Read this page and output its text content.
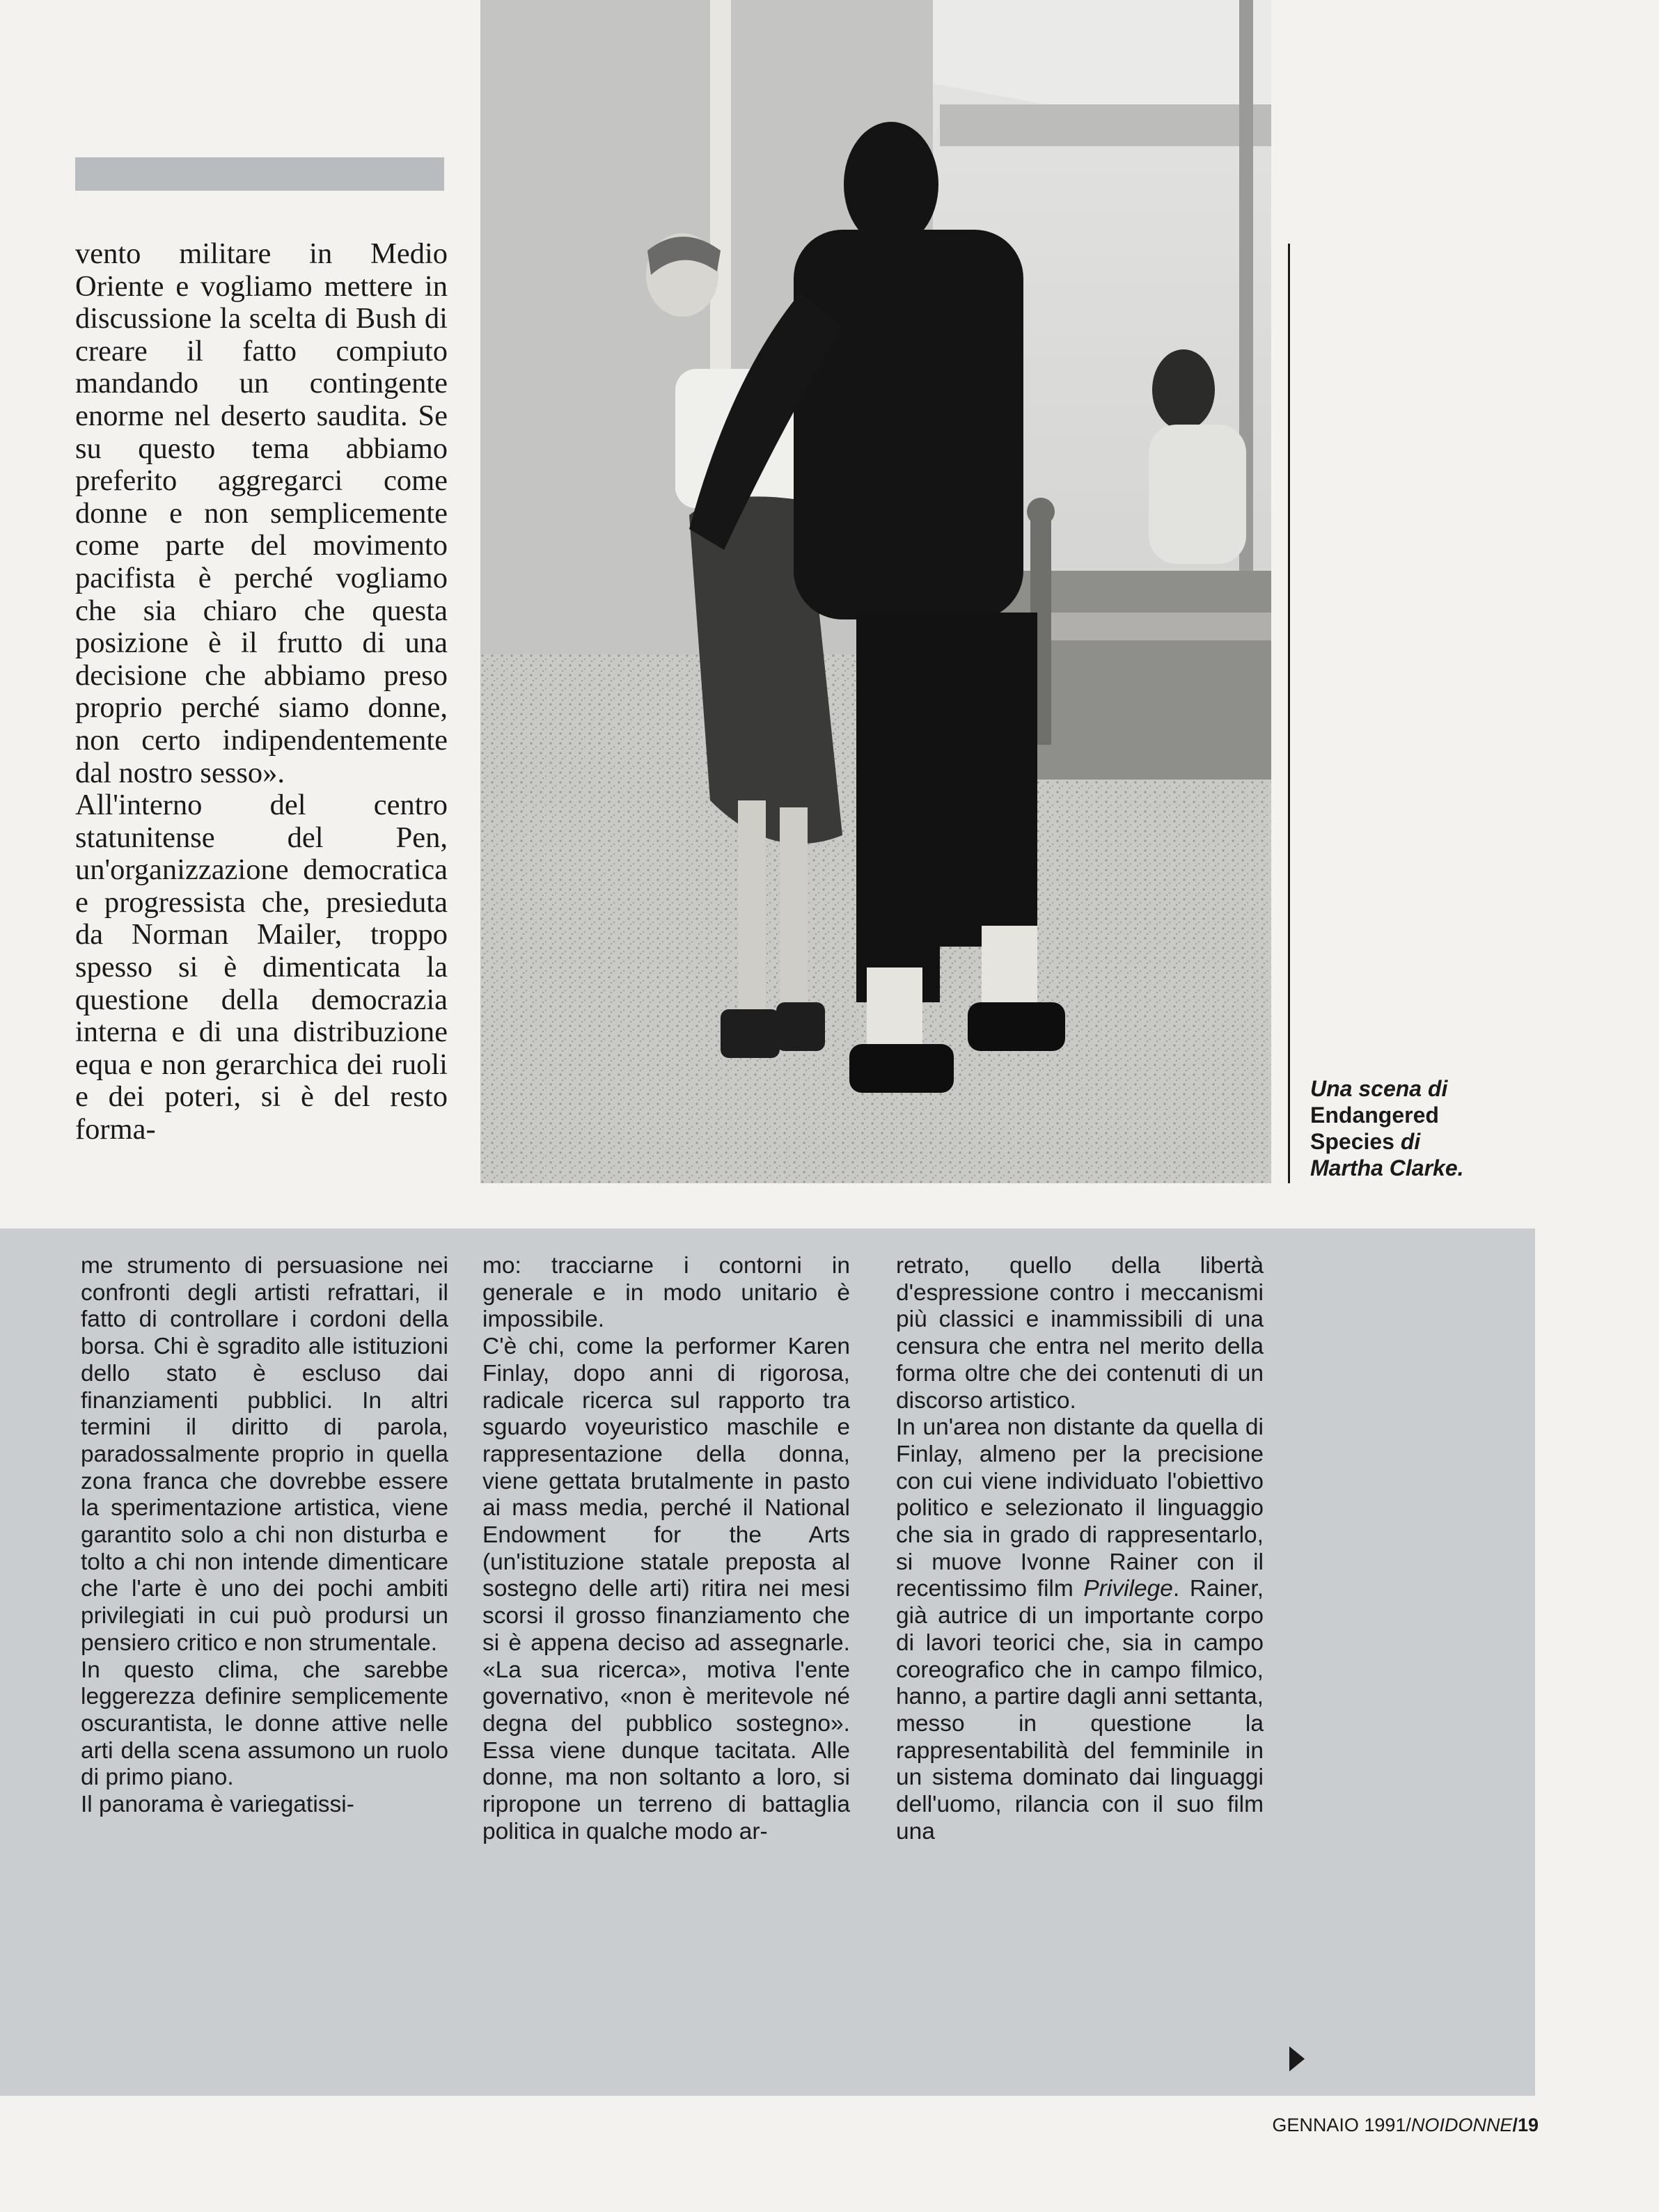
vento militare in Medio Oriente e vogliamo mettere in discussione la scelta di Bush di creare il fatto compiuto mandando un contingente enorme nel deserto saudita. Se su questo tema abbiamo preferito aggregarci come donne e non semplicemente come parte del movimento pacifista è perché vogliamo che sia chiaro che questa posizione è il frutto di una decisione che abbiamo preso proprio perché siamo donne, non certo indipendentemente dal nostro sesso».

All'interno del centro statunitense del Pen, un'organizzazione democratica e progressista che, presieduta da Norman Mailer, troppo spesso si è dimenticata la questione della democrazia interna e di una distribuzione equa e non gerarchica dei ruoli e dei poteri, si è del resto forma-

Una scena di
Endangered Species di
Martha Clarke.

me strumento di persuasione nei confronti degli artisti refrattari, il fatto di controllare i cordoni della borsa. Chi è sgradito alle istituzioni dello stato è escluso dai finanziamenti pubblici. In altri termini il diritto di parola, paradossalmente proprio in quella zona franca che dovrebbe essere la sperimentazione artistica, viene garantito solo a chi non disturba e tolto a chi non intende dimenticare che l'arte è uno dei pochi ambiti privilegiati in cui può prodursi un pensiero critico e non strumentale.

In questo clima, che sarebbe leggerezza definire semplicemente oscurantista, le donne attive nelle arti della scena assumono un ruolo di primo piano.

Il panorama è variegatissi-

mo: tracciarne i contorni in generale e in modo unitario è impossibile.

C'è chi, come la performer Karen Finlay, dopo anni di rigorosa, radicale ricerca sul rapporto tra sguardo voyeuristico maschile e rappresentazione della donna, viene gettata brutalmente in pasto ai mass media, perché il National Endowment for the Arts (un'istituzione statale preposta al sostegno delle arti) ritira nei mesi scorsi il grosso finanziamento che si è appena deciso ad assegnarle. «La sua ricerca», motiva l'ente governativo, «non è meritevole né degna del pubblico sostegno». Essa viene dunque tacitata. Alle donne, ma non soltanto a loro, si ripropone un terreno di battaglia politica in qualche modo ar-

retrato, quello della libertà d'espressione contro i meccanismi più classici e inammissibili di una censura che entra nel merito della forma oltre che dei contenuti di un discorso artistico.

In un'area non distante da quella di Finlay, almeno per la precisione con cui viene individuato l'obiettivo politico e selezionato il linguaggio che sia in grado di rappresentarlo, si muove Ivonne Rainer con il recentissimo film Privilege. Rainer, già autrice di un importante corpo di lavori teorici che, sia in campo coreografico che in campo filmico, hanno, a partire dagli anni settanta, messo in questione la rappresentabilità del femminile in un sistema dominato dai linguaggi dell'uomo, rilancia con il suo film una

GENNAIO 1991/NOIDONNE/19
